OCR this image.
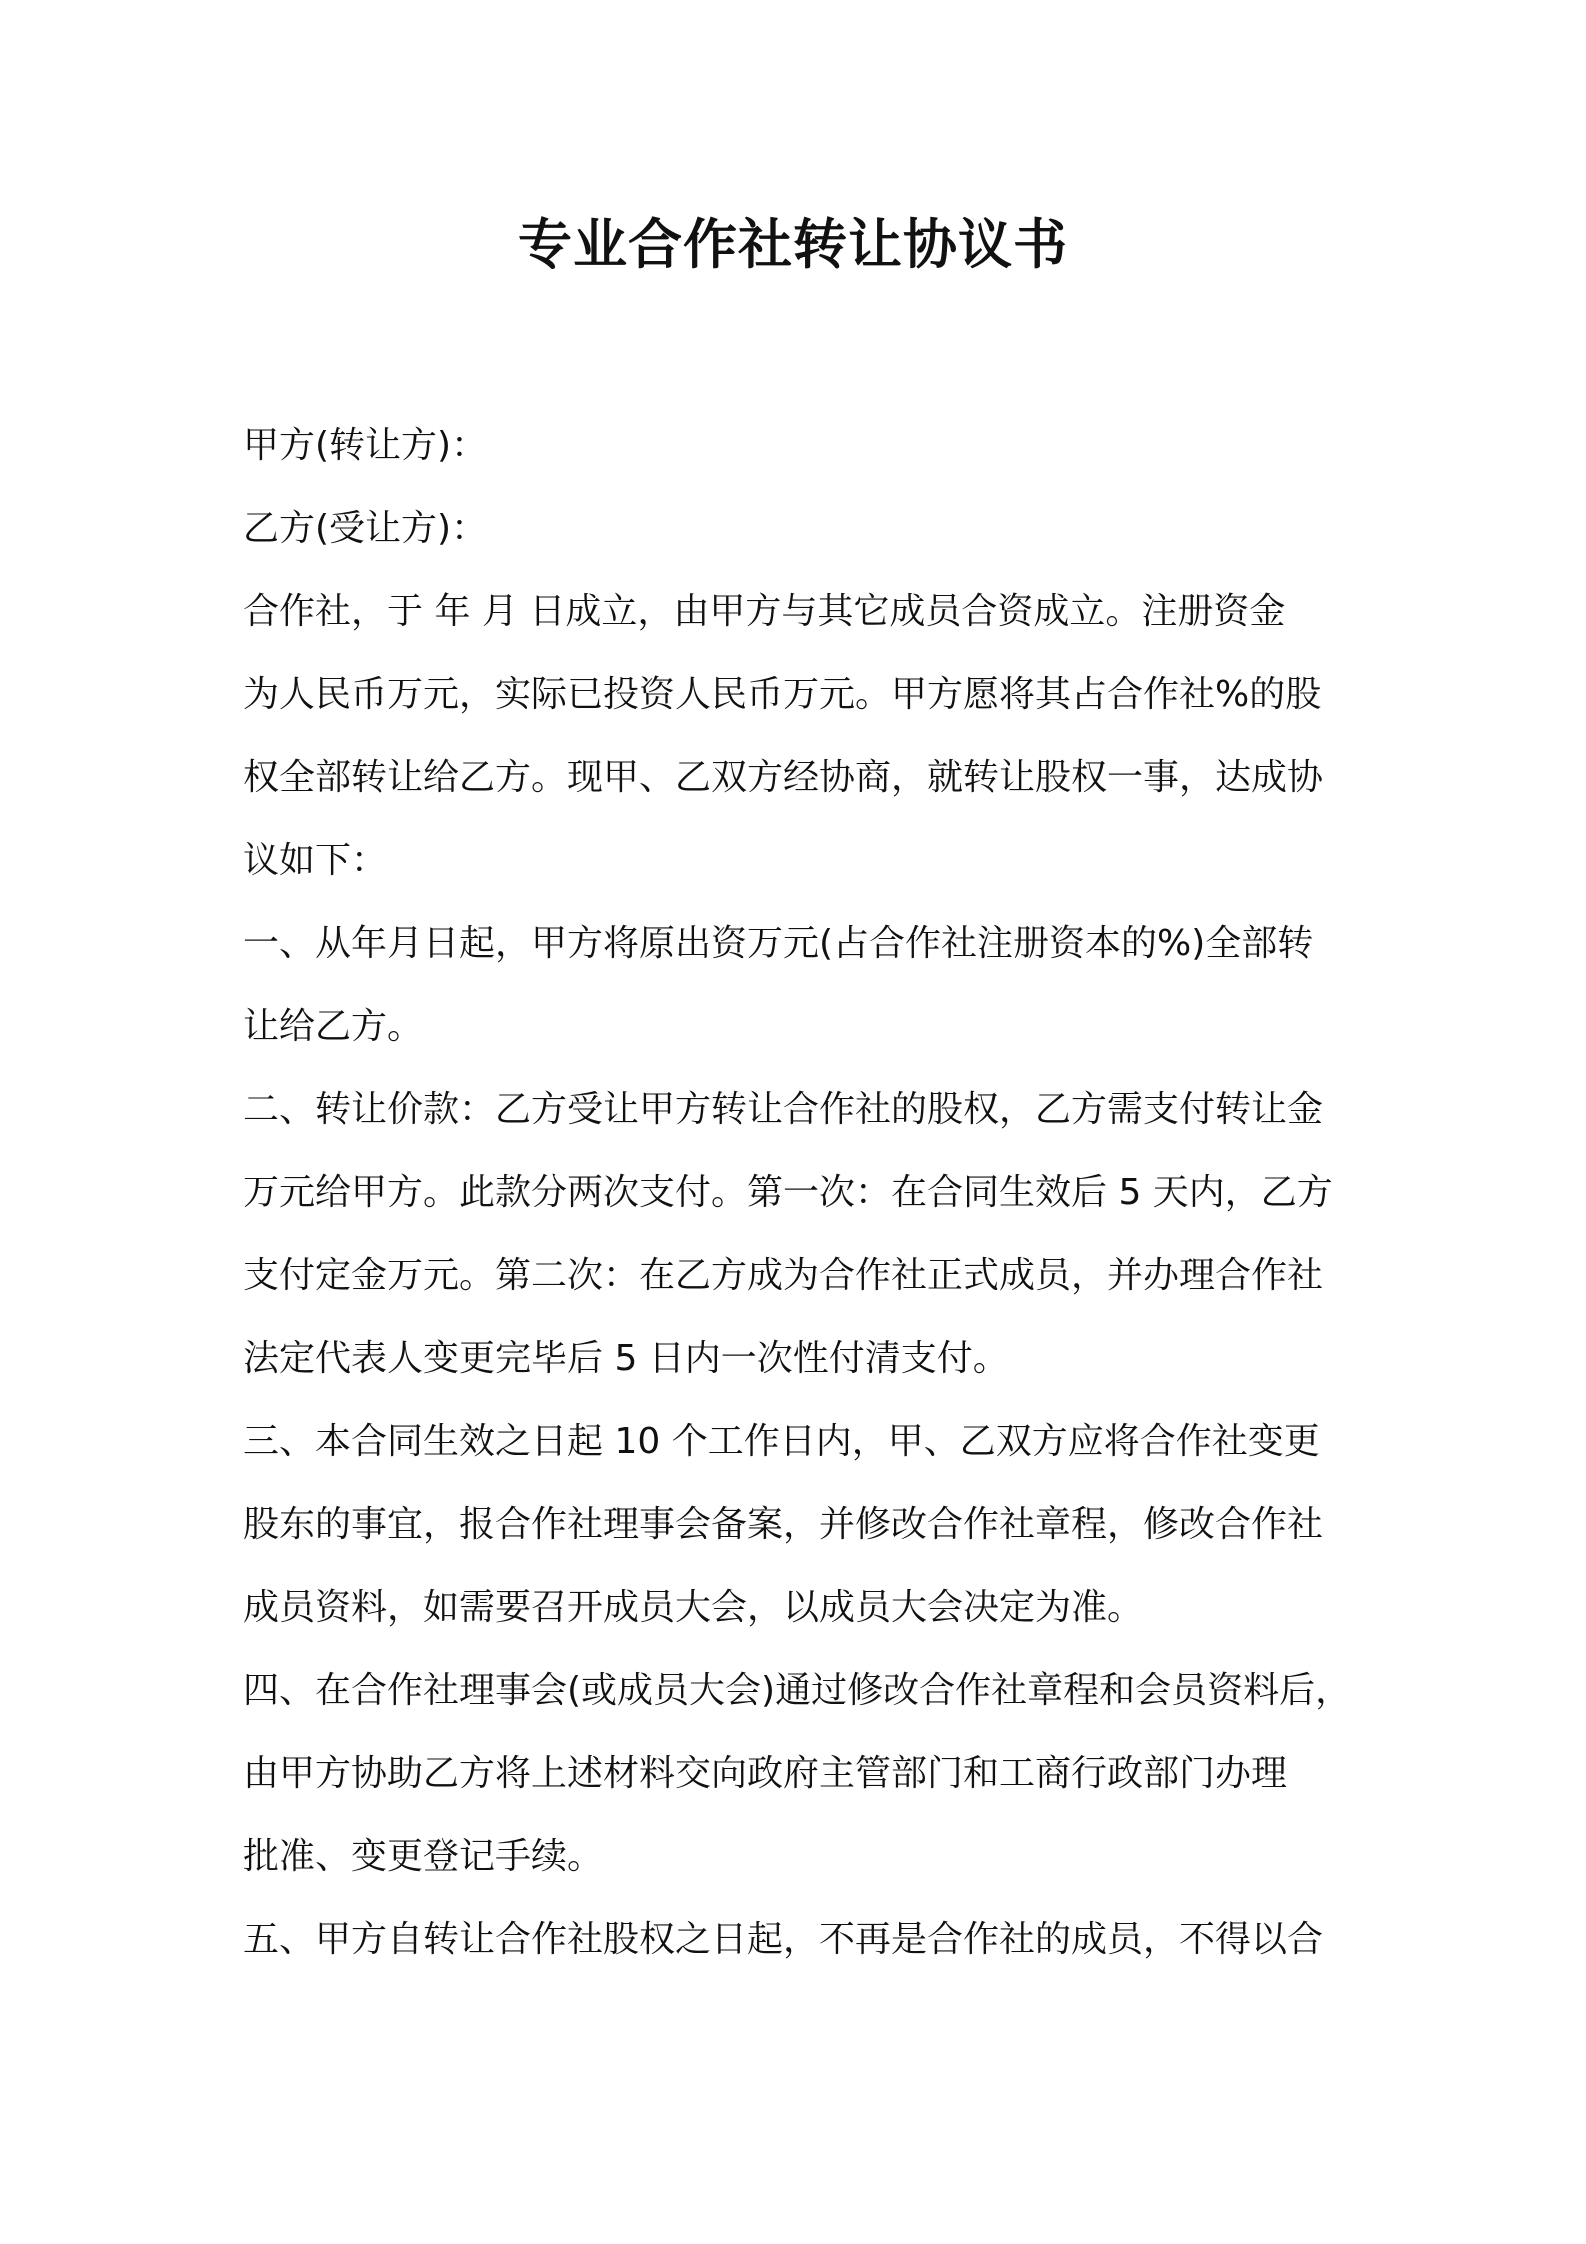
专业合作社转让协议书
甲方(转让方)：
乙方(受让方)：
合作社，于 年 月 日成立，由甲方与其它成员合资成立。注册资金
为人民币万元，实际已投资人民币万元。甲方愿将其占合作社%的股
权全部转让给乙方。现甲、乙双方经协商，就转让股权一事，达成协
议如下：
一、从年月日起，甲方将原出资万元(占合作社注册资本的%)全部转
让给乙方。
二、转让价款：乙方受让甲方转让合作社的股权，乙方需支付转让金
万元给甲方。此款分两次支付。第一次：在合同生效后 5 天内，乙方
支付定金万元。第二次：在乙方成为合作社正式成员，并办理合作社
法定代表人变更完毕后 5 日内一次性付清支付。
三、本合同生效之日起 10 个工作日内，甲、乙双方应将合作社变更
股东的事宜，报合作社理事会备案，并修改合作社章程，修改合作社
成员资料，如需要召开成员大会，以成员大会决定为准。
四、在合作社理事会(或成员大会)通过修改合作社章程和会员资料后，
由甲方协助乙方将上述材料交向政府主管部门和工商行政部门办理
批准、变更登记手续。
五、甲方自转让合作社股权之日起，不再是合作社的成员，不得以合
